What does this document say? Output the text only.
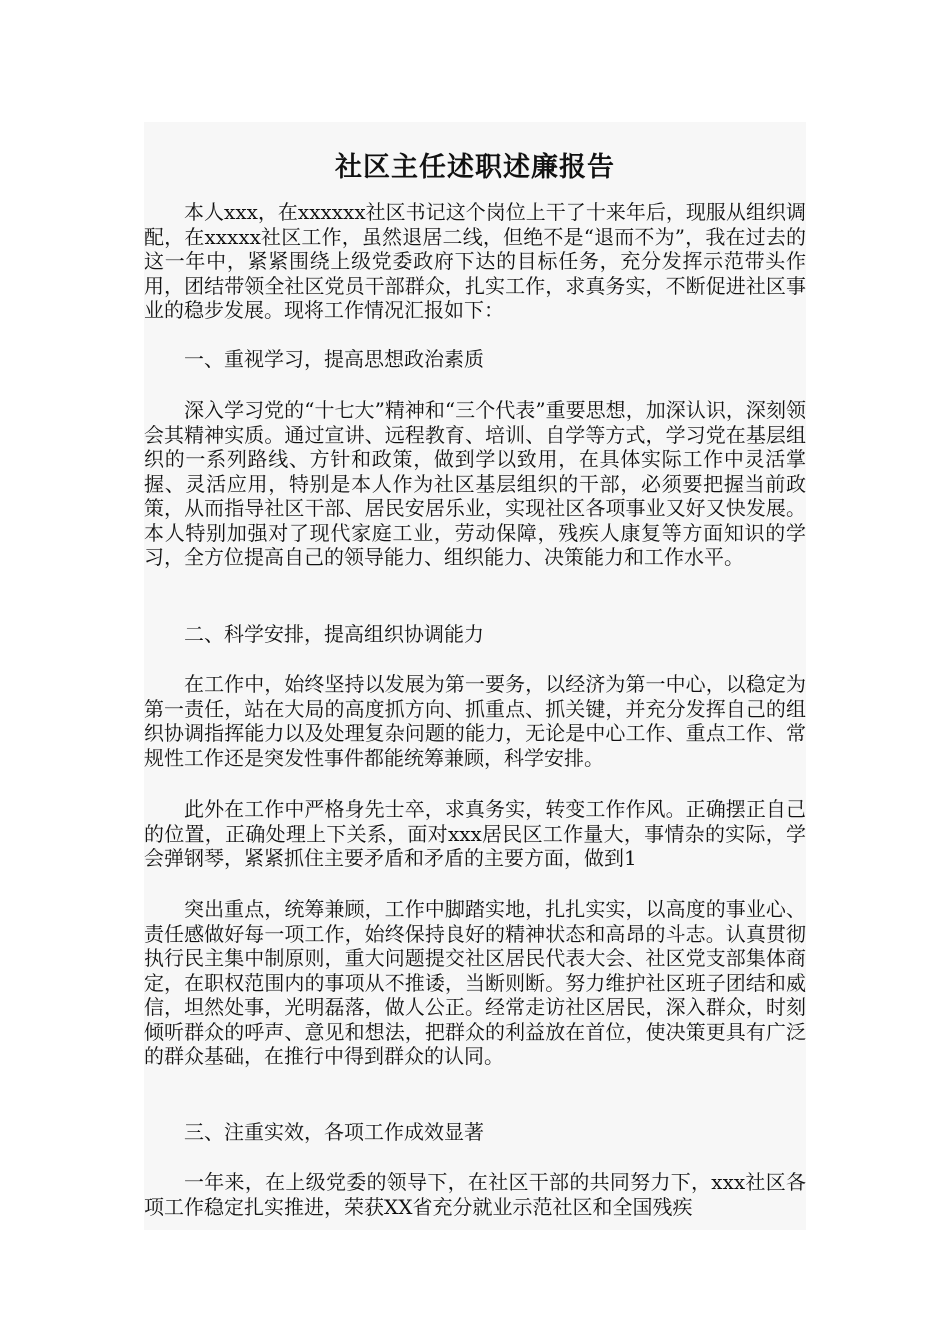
社区主任述职述廉报告

本人xxx，在xxxxxx社区书记这个岗位上干了十来年后，现服从组织调配，在xxxxx社区工作，虽然退居二线，但绝不是“退而不为”，我在过去的这一年中，紧紧围绕上级党委政府下达的目标任务，充分发挥示范带头作用，团结带领全社区党员干部群众，扎实工作，求真务实，不断促进社区事业的稳步发展。现将工作情况汇报如下：

一、重视学习，提高思想政治素质

深入学习党的“十七大”精神和“三个代表”重要思想，加深认识，深刻领会其精神实质。通过宣讲、远程教育、培训、自学等方式，学习党在基层组织的一系列路线、方针和政策，做到学以致用，在具体实际工作中灵活掌握、灵活应用，特别是本人作为社区基层组织的干部，必须要把握当前政策，从而指导社区干部、居民安居乐业，实现社区各项事业又好又快发展。本人特别加强对了现代家庭工业，劳动保障，残疾人康复等方面知识的学习，全方位提高自己的领导能力、组织能力、决策能力和工作水平。

二、科学安排，提高组织协调能力

在工作中，始终坚持以发展为第一要务，以经济为第一中心，以稳定为第一责任，站在大局的高度抓方向、抓重点、抓关键，并充分发挥自己的组织协调指挥能力以及处理复杂问题的能力，无论是中心工作、重点工作、常规性工作还是突发性事件都能统筹兼顾，科学安排。

此外在工作中严格身先士卒，求真务实，转变工作作风。正确摆正自己的位置，正确处理上下关系，面对xxx居民区工作量大，事情杂的实际，学会弹钢琴，紧紧抓住主要矛盾和矛盾的主要方面，做到1

突出重点，统筹兼顾，工作中脚踏实地，扎扎实实，以高度的事业心、责任感做好每一项工作，始终保持良好的精神状态和高昂的斗志。认真贯彻执行民主集中制原则，重大问题提交社区居民代表大会、社区党支部集体商定，在职权范围内的事项从不推诿，当断则断。努力维护社区班子团结和威信，坦然处事，光明磊落，做人公正。经常走访社区居民，深入群众，时刻倾听群众的呼声、意见和想法，把群众的利益放在首位，使决策更具有广泛的群众基础，在推行中得到群众的认同。

三、注重实效，各项工作成效显著

一年来，在上级党委的领导下，在社区干部的共同努力下，xxx社区各项工作稳定扎实推进，荣获XX省充分就业示范社区和全国残疾
